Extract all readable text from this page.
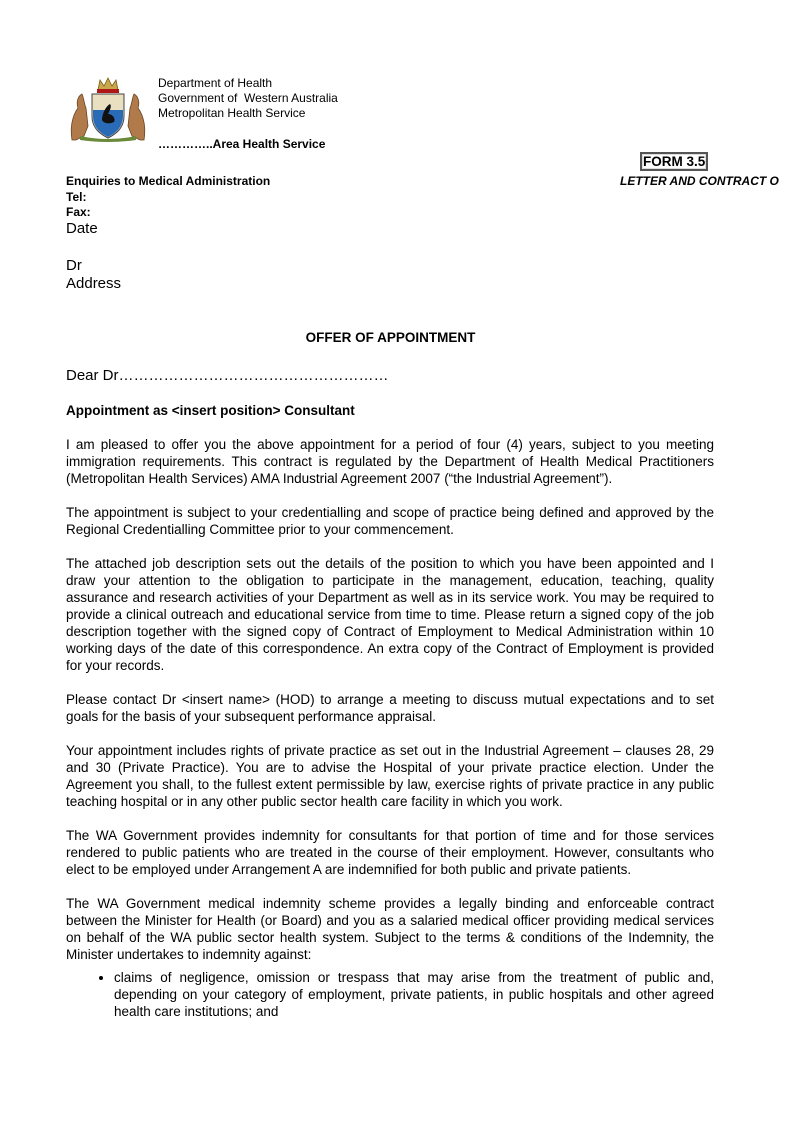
Department of Health
Government of  Western Australia
Metropolitan Health Service
…………..Area Health Service
FORM 3.5
LETTER AND CONTRACT O
Enquiries to Medical Administration
Tel:
Fax:
Date
Dr
Address
OFFER OF APPOINTMENT
Dear Dr………………………………………………
Appointment as <insert position> Consultant

I am pleased to offer you the above appointment for a period of four (4) years, subject to you meeting immigration requirements. This contract is regulated by the Department of Health Medical Practitioners (Metropolitan Health Services) AMA Industrial Agreement 2007 (“the Industrial Agreement”).

The appointment is subject to your credentialling and scope of practice being defined and approved by the Regional Credentialling Committee prior to your commencement.

The attached job description sets out the details of the position to which you have been appointed and I draw your attention to the obligation to participate in the management, education, teaching, quality assurance and research activities of your Department as well as in its service work. You may be required to provide a clinical outreach and educational service from time to time. Please return a signed copy of the job description together with the signed copy of Contract of Employment to Medical Administration within 10 working days of the date of this correspondence. An extra copy of the Contract of Employment is provided for your records.

Please contact Dr <insert name> (HOD) to arrange a meeting to discuss mutual expectations and to set goals for the basis of your subsequent performance appraisal.

Your appointment includes rights of private practice as set out in the Industrial Agreement – clauses 28, 29 and 30 (Private Practice). You are to advise the Hospital of your private practice election. Under the Agreement you shall, to the fullest extent permissible by law, exercise rights of private practice in any public teaching hospital or in any other public sector health care facility in which you work.

The WA Government provides indemnity for consultants for that portion of time and for those services rendered to public patients who are treated in the course of their employment. However, consultants who elect to be employed under Arrangement A are indemnified for both public and private patients.

The WA Government medical indemnity scheme provides a legally binding and enforceable contract between the Minister for Health (or Board) and you as a salaried medical officer providing medical services on behalf of the WA public sector health system. Subject to the terms & conditions of the Indemnity, the Minister undertakes to indemnity against:

• claims of negligence, omission or trespass that may arise from the treatment of public and, depending on your category of employment, private patients, in public hospitals and other agreed health care institutions; and
